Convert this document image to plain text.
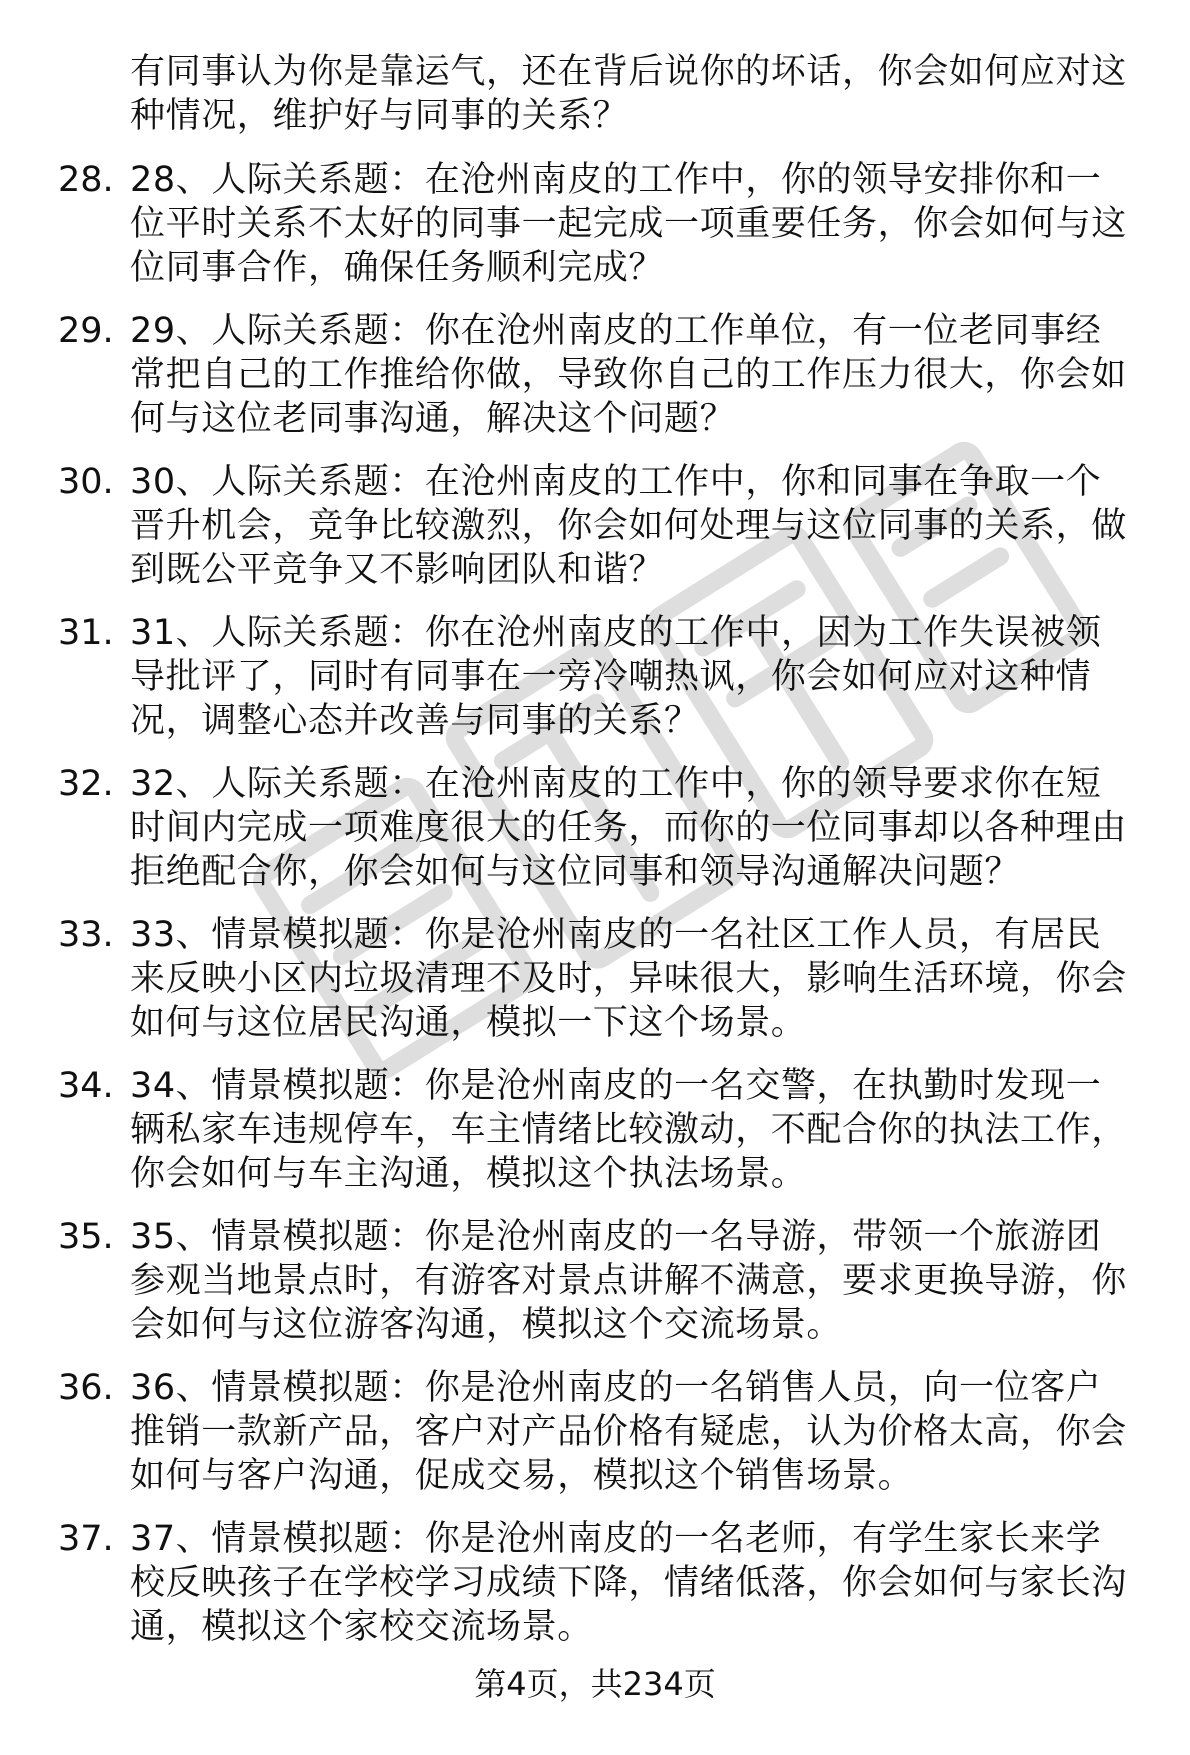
有同事认为你是靠运气，还在背后说你的坏话，你会如何应对这种情况，维护好与同事的关系？

28. 28、人际关系题：在沧州南皮的工作中，你的领导安排你和一位平时关系不太好的同事一起完成一项重要任务，你会如何与这位同事合作，确保任务顺利完成？
29. 29、人际关系题：你在沧州南皮的工作单位，有一位老同事经常把自己的工作推给你做，导致你自己的工作压力很大，你会如何与这位老同事沟通，解决这个问题？
30. 30、人际关系题：在沧州南皮的工作中，你和同事在争取一个晋升机会，竞争比较激烈，你会如何处理与这位同事的关系，做到既公平竞争又不影响团队和谐？
31. 31、人际关系题：你在沧州南皮的工作中，因为工作失误被领导批评了，同时有同事在一旁冷嘲热讽，你会如何应对这种情况，调整心态并改善与同事的关系？
32. 32、人际关系题：在沧州南皮的工作中，你的领导要求你在短时间内完成一项难度很大的任务，而你的一位同事却以各种理由拒绝配合你，你会如何与这位同事和领导沟通解决问题？
33. 33、情景模拟题：你是沧州南皮的一名社区工作人员，有居民来反映小区内垃圾清理不及时，异味很大，影响生活环境，你会如何与这位居民沟通，模拟一下这个场景。
34. 34、情景模拟题：你是沧州南皮的一名交警，在执勤时发现一辆私家车违规停车，车主情绪比较激动，不配合你的执法工作，你会如何与车主沟通，模拟这个执法场景。
35. 35、情景模拟题：你是沧州南皮的一名导游，带领一个旅游团参观当地景点时，有游客对景点讲解不满意，要求更换导游，你会如何与这位游客沟通，模拟这个交流场景。
36. 36、情景模拟题：你是沧州南皮的一名销售人员，向一位客户推销一款新产品，客户对产品价格有疑虑，认为价格太高，你会如何与客户沟通，促成交易，模拟这个销售场景。
37. 37、情景模拟题：你是沧州南皮的一名老师，有学生家长来学校反映孩子在学校学习成绩下降，情绪低落，你会如何与家长沟通，模拟这个家校交流场景。
第4页，共234页
